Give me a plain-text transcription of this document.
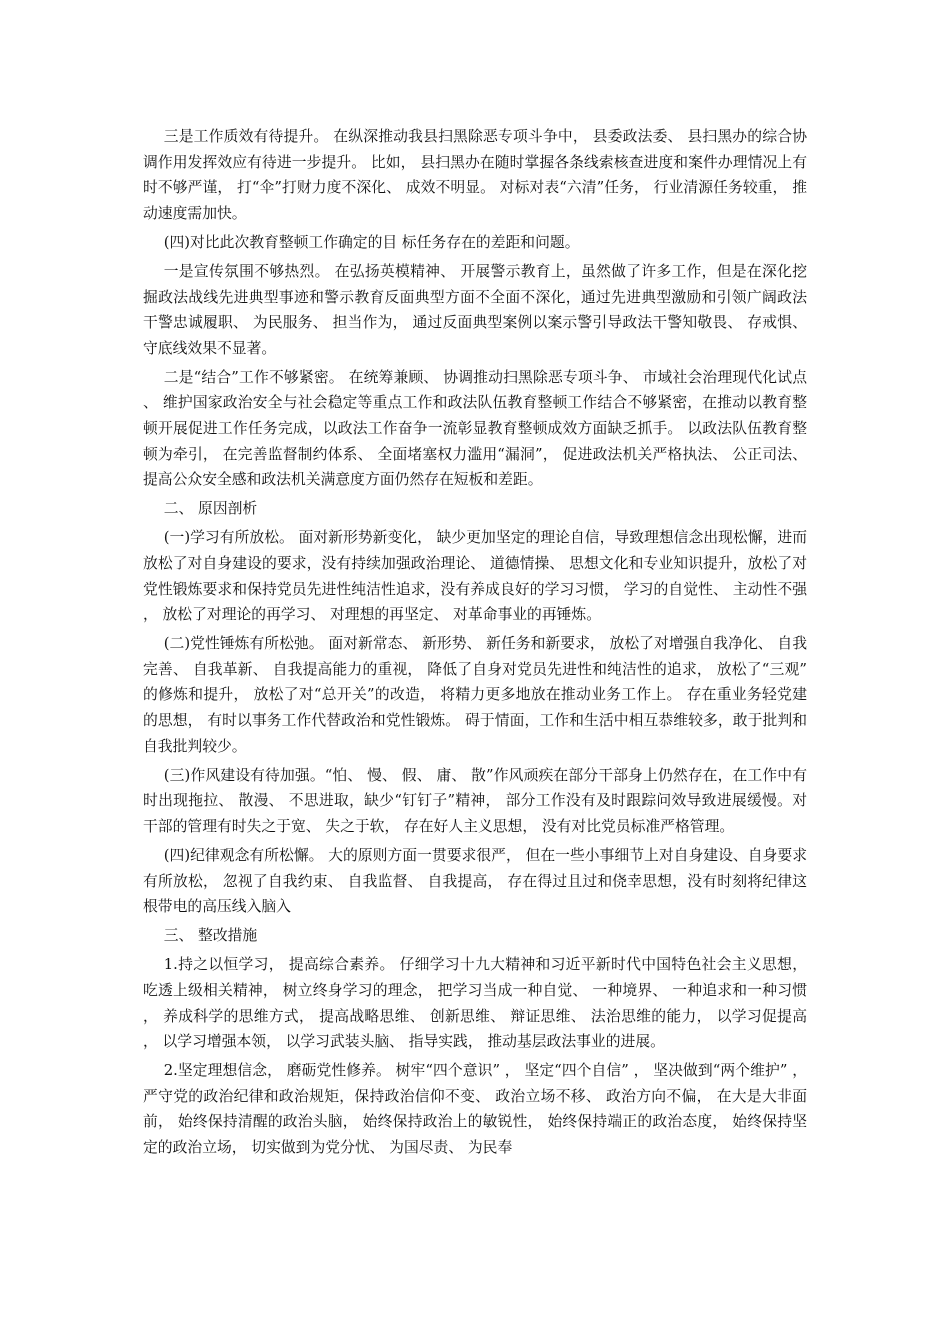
三是工作质效有待提升。 在纵深推动我县扫黑除恶专项斗争中， 县委政法委、 县扫黑办的综合协调作用发挥效应有待进一步提升。 比如， 县扫黑办在随时掌握各条线索核查进度和案件办理情况上有时不够严谨， 打“伞”打财力度不深化、 成效不明显。 对标对表“六清”任务， 行业清源任务较重， 推动速度需加快。

(四)对比此次教育整顿工作确定的目 标任务存在的差距和问题。

一是宣传氛围不够热烈。 在弘扬英模精神、 开展警示教育上，虽然做了许多工作，但是在深化挖掘政法战线先进典型事迹和警示教育反面典型方面不全面不深化，通过先进典型激励和引领广阔政法干警忠诚履职、 为民服务、 担当作为， 通过反面典型案例以案示警引导政法干警知敬畏、 存戒惧、 守底线效果不显著。

二是“结合”工作不够紧密。 在统筹兼顾、 协调推动扫黑除恶专项斗争、 市域社会治理现代化试点、 维护国家政治安全与社会稳定等重点工作和政法队伍教育整顿工作结合不够紧密，在推动以教育整顿开展促进工作任务完成，以政法工作奋争一流彰显教育整顿成效方面缺乏抓手。 以政法队伍教育整顿为牵引， 在完善监督制约体系、 全面堵塞权力滥用“漏洞”， 促进政法机关严格执法、 公正司法、 提高公众安全感和政法机关满意度方面仍然存在短板和差距。

二、 原因剖析

(一)学习有所放松。 面对新形势新变化， 缺少更加坚定的理论自信，导致理想信念出现松懈，进而放松了对自身建设的要求，没有持续加强政治理论、 道德情操、 思想文化和专业知识提升，放松了对党性锻炼要求和保持党员先进性纯洁性追求，没有养成良好的学习习惯， 学习的自觉性、 主动性不强， 放松了对理论的再学习、 对理想的再坚定、 对革命事业的再锤炼。

(二)党性锤炼有所松弛。 面对新常态、 新形势、 新任务和新要求， 放松了对增强自我净化、 自我完善、 自我革新、 自我提高能力的重视， 降低了自身对党员先进性和纯洁性的追求， 放松了“三观”的修炼和提升， 放松了对“总开关”的改造， 将精力更多地放在推动业务工作上。 存在重业务轻党建的思想， 有时以事务工作代替政治和党性锻炼。 碍于情面，工作和生活中相互恭维较多，敢于批判和自我批判较少。

(三)作风建设有待加强。“怕、 慢、 假、 庸、 散”作风顽疾在部分干部身上仍然存在，在工作中有时出现拖拉、 散漫、 不思进取，缺少“钉钉子”精神， 部分工作没有及时跟踪问效导致进展缓慢。对干部的管理有时失之于宽、 失之于软， 存在好人主义思想， 没有对比党员标准严格管理。

(四)纪律观念有所松懈。 大的原则方面一贯要求很严， 但在一些小事细节上对自身建设、自身要求有所放松， 忽视了自我约束、 自我监督、 自我提高， 存在得过且过和侥幸思想，没有时刻将纪律这根带电的高压线入脑入

三、 整改措施

1.持之以恒学习， 提高综合素养。 仔细学习十九大精神和习近平新时代中国特色社会主义思想， 吃透上级相关精神， 树立终身学习的理念， 把学习当成一种自觉、 一种境界、 一种追求和一种习惯， 养成科学的思维方式， 提高战略思维、 创新思维、 辩证思维、 法治思维的能力， 以学习促提高， 以学习增强本领， 以学习武装头脑、 指导实践， 推动基层政法事业的进展。

2.坚定理想信念， 磨砺党性修养。 树牢“四个意识” ， 坚定“四个自信” ， 坚决做到“两个维护” ， 严守党的政治纪律和政治规矩，保持政治信仰不变、 政治立场不移、 政治方向不偏， 在大是大非面前， 始终保持清醒的政治头脑， 始终保持政治上的敏锐性， 始终保持端正的政治态度， 始终保持坚定的政治立场， 切实做到为党分忧、 为国尽责、 为民奉
